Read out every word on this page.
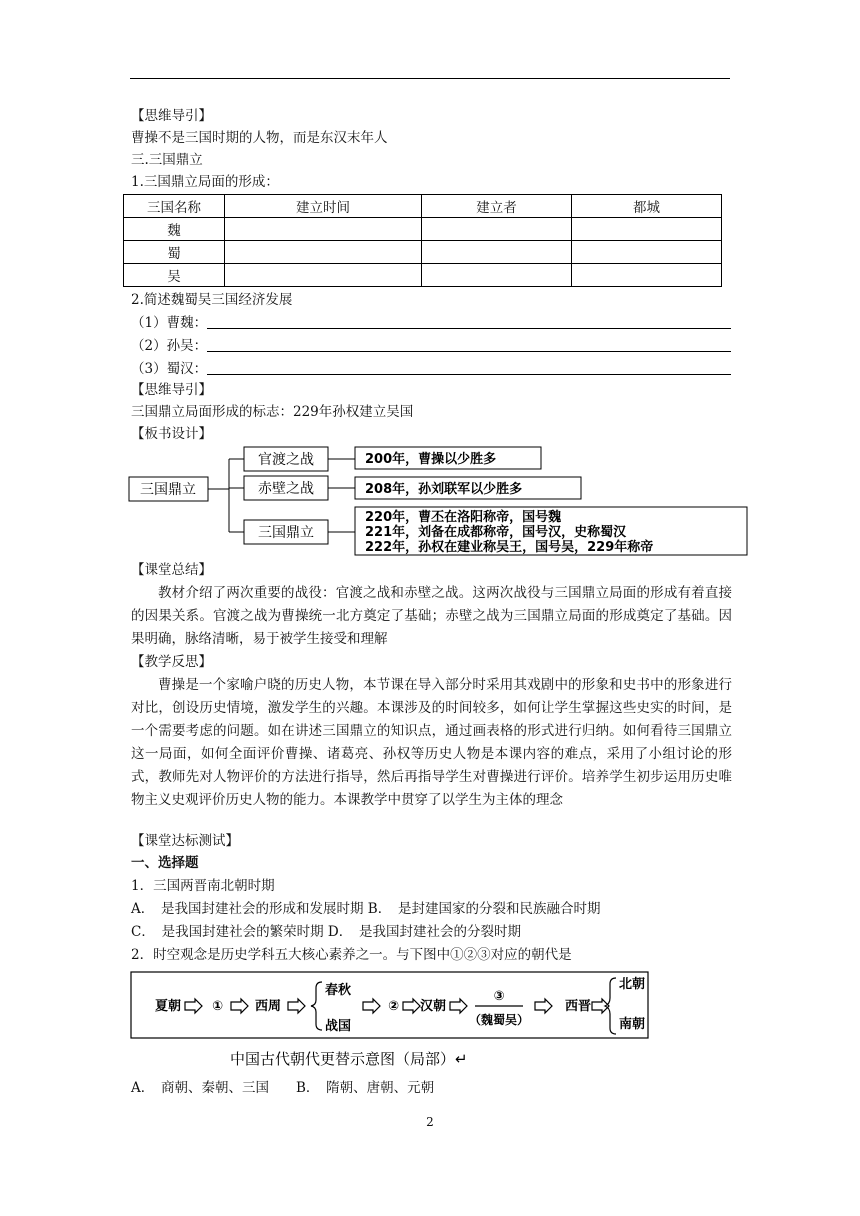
【思维导引】
曹操不是三国时期的人物，而是东汉末年人
三.三国鼎立
1.三国鼎立局面的形成：
三国名称	建立时间	建立者	都城
魏			
蜀			
吴			
2.简述魏蜀吴三国经济发展
（1）曹魏：
（2）孙吴：
（3）蜀汉：
【思维导引】
三国鼎立局面形成的标志：229年孙权建立吴国
【板书设计】
三国鼎立
官渡之战
赤壁之战
三国鼎立
200年，曹操以少胜多
208年，孙刘联军以少胜多
220年，曹丕在洛阳称帝，国号魏
221年，刘备在成都称帝，国号汉，史称蜀汉
222年，孙权在建业称吴王，国号吴，229年称帝
【课堂总结】
教材介绍了两次重要的战役：官渡之战和赤壁之战。这两次战役与三国鼎立局面的形成有着直接的因果关系。官渡之战为曹操统一北方奠定了基础；赤壁之战为三国鼎立局面的形成奠定了基础。因果明确，脉络清晰，易于被学生接受和理解
【教学反思】
曹操是一个家喻户晓的历史人物，本节课在导入部分时采用其戏剧中的形象和史书中的形象进行对比，创设历史情境，激发学生的兴趣。本课涉及的时间较多，如何让学生掌握这些史实的时间，是一个需要考虑的问题。如在讲述三国鼎立的知识点，通过画表格的形式进行归纳。如何看待三国鼎立这一局面，如何全面评价曹操、诸葛亮、孙权等历史人物是本课内容的难点，采用了小组讨论的形式，教师先对人物评价的方法进行指导，然后再指导学生对曹操进行评价。培养学生初步运用历史唯物主义史观评价历史人物的能力。本课教学中贯穿了以学生为主体的理念
【课堂达标测试】
一、选择题
1．三国两晋南北朝时期
A．　是我国封建社会的形成和发展时期 B．　是封建国家的分裂和民族融合时期
C．　是我国封建社会的繁荣时期 D．　是我国封建社会的分裂时期
2．时空观念是历史学科五大核心素养之一。与下图中①②③对应的朝代是
夏朝 ① 西周
春秋
战国
② 汉朝
③
（魏蜀吴）
西晋
北朝
南朝
中国古代朝代更替示意图（局部）↵
A．　商朝、秦朝、三国　　B．　隋朝、唐朝、元朝
2
